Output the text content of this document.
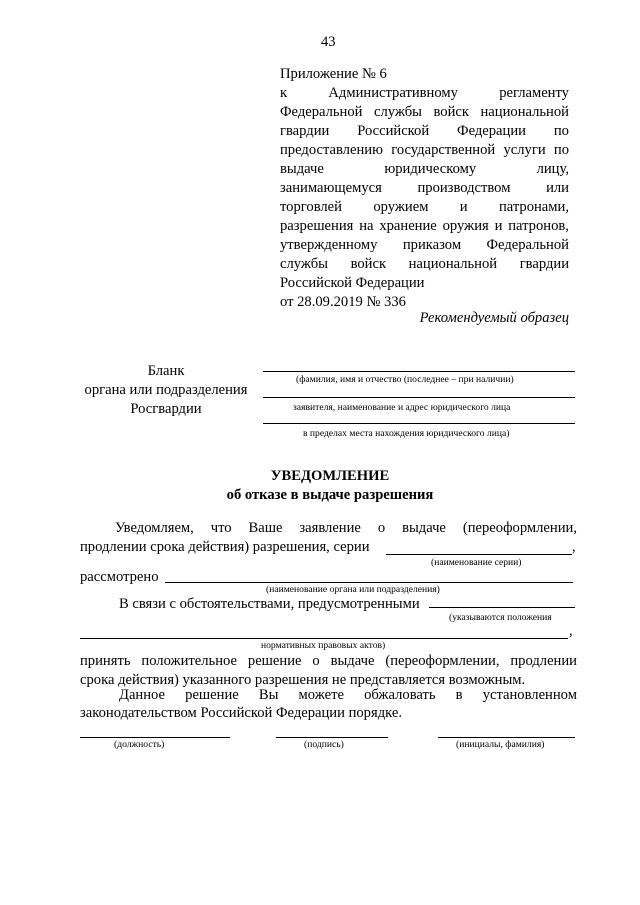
43
Приложение № 6
к	Административному	регламенту
Федеральной службы войск национальной
гвардии Российской Федерации по
предоставлению государственной услуги по
выдаче	юридическому	лицу,
занимающемуся производством или
торговлей оружием и патронами,
разрешения на хранение оружия и патронов,
утвержденному приказом Федеральной
службы войск национальной гвардии
Российской Федерации
от 28.09.2019 № 336
Рекомендуемый образец
Бланк
органа или подразделения
Росгвардии
(фамилия, имя и отчество (последнее – при наличии)
заявителя, наименование и адрес юридического лица
в пределах места нахождения юридического лица)
УВЕДОМЛЕНИЕ
об отказе в выдаче разрешения
Уведомляем, что Ваше заявление о выдаче (переоформлении,
продлении срока действия) разрешения, серии	,
(наименование серии)
рассмотрено
(наименование органа или подразделения)
В связи с обстоятельствами, предусмотренными
(указываются положения
,
нормативных правовых актов)
принять положительное решение о выдаче (переоформлении, продлении
срока действия) указанного разрешения не представляется возможным.
Данное решение Вы можете обжаловать в установленном
законодательством Российской Федерации порядке.
(должность)	(подпись)	(инициалы, фамилия)
